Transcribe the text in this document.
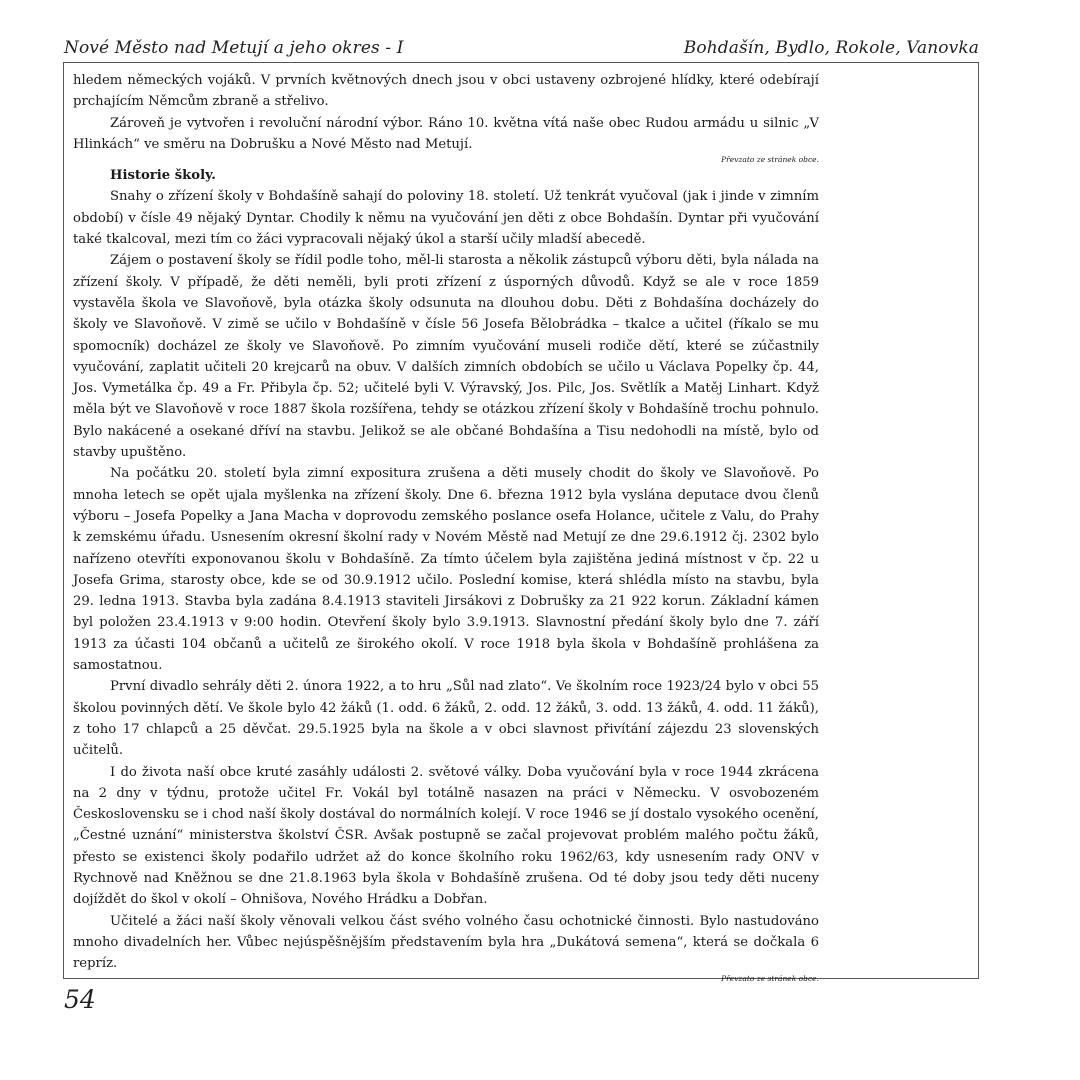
Nové Město nad Metují a jeho okres - I	Bohdašín, Bydlo, Rokole, Vanovka

hledem německých vojáků. V prvních květnových dnech jsou v obci ustaveny ozbrojené hlídky, které odebírají prchajícím Němcům zbraně a střelivo.

Zároveň je vytvořen i revoluční národní výbor. Ráno 10. května vítá naše obec Rudou armádu u silnic „V Hlinkách“ ve směru na Dobrušku a Nové Město nad Metují.

Převzato ze stránek obce.

Historie školy.

Snahy o zřízení školy v Bohdašíně sahají do poloviny 18. století. Už tenkrát vyučoval (jak i jinde v zimním období) v čísle 49 nějaký Dyntar. Chodily k němu na vyučování jen děti z obce Bohdašín. Dyntar při vyučování také tkalcoval, mezi tím co žáci vypracovali nějaký úkol a starší učily mladší abecedě.

Zájem o postavení školy se řídil podle toho, měl-li starosta a několik zástupců výboru děti, byla nálada na zřízení školy. V případě, že děti neměli, byli proti zřízení z úsporných důvodů. Když se ale v roce 1859 vystavěla škola ve Slavoňově, byla otázka školy odsunuta na dlouhou dobu. Děti z Bohdašína docházely do školy ve Slavoňově. V zimě se učilo v Bohdašíně v čísle 56 Josefa Bělobrádka – tkalce a učitel (říkalo se mu spomocník) docházel ze školy ve Slavoňově. Po zimním vyučování museli rodiče dětí, které se zúčastnily vyučování, zaplatit učiteli 20 krejcarů na obuv. V dalších zimních obdobích se učilo u Václava Popelky čp. 44, Jos. Vymetálka čp. 49 a Fr. Přibyla čp. 52; učitelé byli V. Výravský, Jos. Pilc, Jos. Světlík a Matěj Linhart. Když měla být ve Slavoňově v roce 1887 škola rozšířena, tehdy se otázkou zřízení školy v Bohdašíně trochu pohnulo. Bylo nakácené a osekané dříví na stavbu. Jelikož se ale občané Bohdašína a Tisu nedohodli na místě, bylo od stavby upuštěno.

Na počátku 20. století byla zimní expositura zrušena a děti musely chodit do školy ve Slavoňově. Po mnoha letech se opět ujala myšlenka na zřízení školy. Dne 6. března 1912 byla vyslána deputace dvou členů výboru – Josefa Popelky a Jana Macha v doprovodu zemského poslance osefa Holance, učitele z Valu, do Prahy k zemskému úřadu. Usnesením okresní školní rady v Novém Městě nad Metují ze dne 29.6.1912 čj. 2302 bylo nařízeno otevříti exponovanou školu v Bohdašíně. Za tímto účelem byla zajištěna jediná místnost v čp. 22 u Josefa Grima, starosty obce, kde se od 30.9.1912 učilo. Poslední komise, která shlédla místo na stavbu, byla 29. ledna 1913. Stavba byla zadána 8.4.1913 staviteli Jirsákovi z Dobrušky za 21 922 korun. Základní kámen byl položen 23.4.1913 v 9:00 hodin. Otevření školy bylo 3.9.1913. Slavnostní předání školy bylo dne 7. září 1913 za účasti 104 občanů a učitelů ze širokého okolí. V roce 1918 byla škola v Bohdašíně prohlášena za samostatnou.

První divadlo sehrály děti 2. února 1922, a to hru „Sůl nad zlato“. Ve školním roce 1923/24 bylo v obci 55 školou povinných dětí. Ve škole bylo 42 žáků (1. odd. 6 žáků, 2. odd. 12 žáků, 3. odd. 13 žáků, 4. odd. 11 žáků), z toho 17 chlapců a 25 děvčat. 29.5.1925 byla na škole a v obci slavnost přivítání zájezdu 23 slovenských učitelů.

I do života naší obce kruté zasáhly události 2. světové války. Doba vyučování byla v roce 1944 zkrácena na 2 dny v týdnu, protože učitel Fr. Vokál byl totálně nasazen na práci v Německu. V osvobozeném Československu se i chod naší školy dostával do normálních kolejí. V roce 1946 se jí dostalo vysokého ocenění, „Čestné uznání“ ministerstva školství ČSR. Avšak postupně se začal projevovat problém malého počtu žáků, přesto se existenci školy podařilo udržet až do konce školního roku 1962/63, kdy usnesením rady ONV v Rychnově nad Kněžnou se dne 21.8.1963 byla škola v Bohdašíně zrušena. Od té doby jsou tedy děti nuceny dojíždět do škol v okolí – Ohnišova, Nového Hrádku a Dobřan.

Učitelé a žáci naší školy věnovali velkou část svého volného času ochotnické činnosti. Bylo nastudováno mnoho divadelních her. Vůbec nejúspěšnějším představením byla hra „Dukátová semena“, která se dočkala 6 repríz.

Převzato ze stránek obce.

54
